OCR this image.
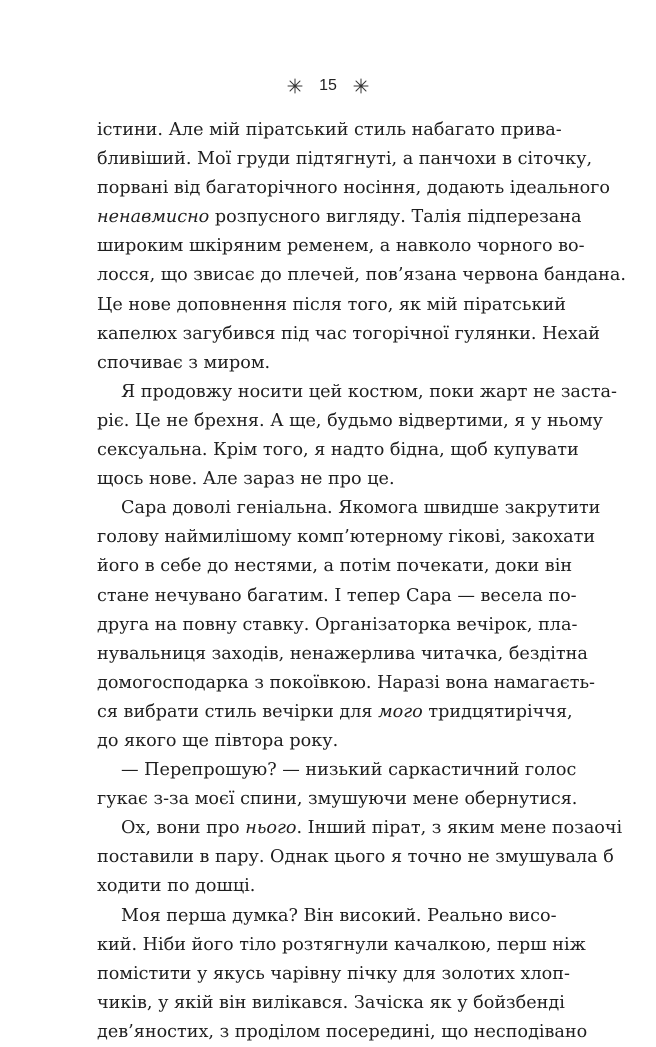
15
істини. Але мій піратський стиль набагато прива-
бливіший. Мої груди підтягнуті, а панчохи в сіточку,
порвані від багаторічного носіння, додають ідеального
ненавмисно розпусного вигляду. Талія підперезана
широким шкіряним ременем, а навколо чорного во-
лосся, що звисає до плечей, пов’язана червона бандана.
Це нове доповнення після того, як мій піратський
капелюх загубився під час тогорічної гулянки. Нехай
спочиває з миром.
Я продовжу носити цей костюм, поки жарт не заста-
ріє. Це не брехня. А ще, будьмо відвертими, я у ньому
сексуальна. Крім того, я надто бідна, щоб купувати
щось нове. Але зараз не про це.
Сара доволі геніальна. Якомога швидше закрутити
голову наймилішому комп’ютерному гікові, закохати
його в себе до нестями, а потім почекати, доки він
стане нечувано багатим. І тепер Сара — весела по-
друга на повну ставку. Організаторка вечірок, пла-
нувальниця заходів, ненажерлива читачка, бездітна
домогосподарка з покоївкою. Наразі вона намагаєть-
ся вибрати стиль вечірки для мого тридцятиріччя,
до якого ще півтора року.
— Перепрошую? — низький саркастичний голос
гукає з-за моєї спини, змушуючи мене обернутися.
Ох, вони про нього. Інший пірат, з яким мене позаочі
поставили в пару. Однак цього я точно не змушувала б
ходити по дошці.
Моя перша думка? Він високий. Реально висо-
кий. Ніби його тіло розтягнули качалкою, перш ніж
помістити у якусь чарівну пічку для золотих хлоп-
чиків, у якій він вилікався. Зачіска як у бойзбенді
дев’яностих, з проділом посередині, що несподівано
